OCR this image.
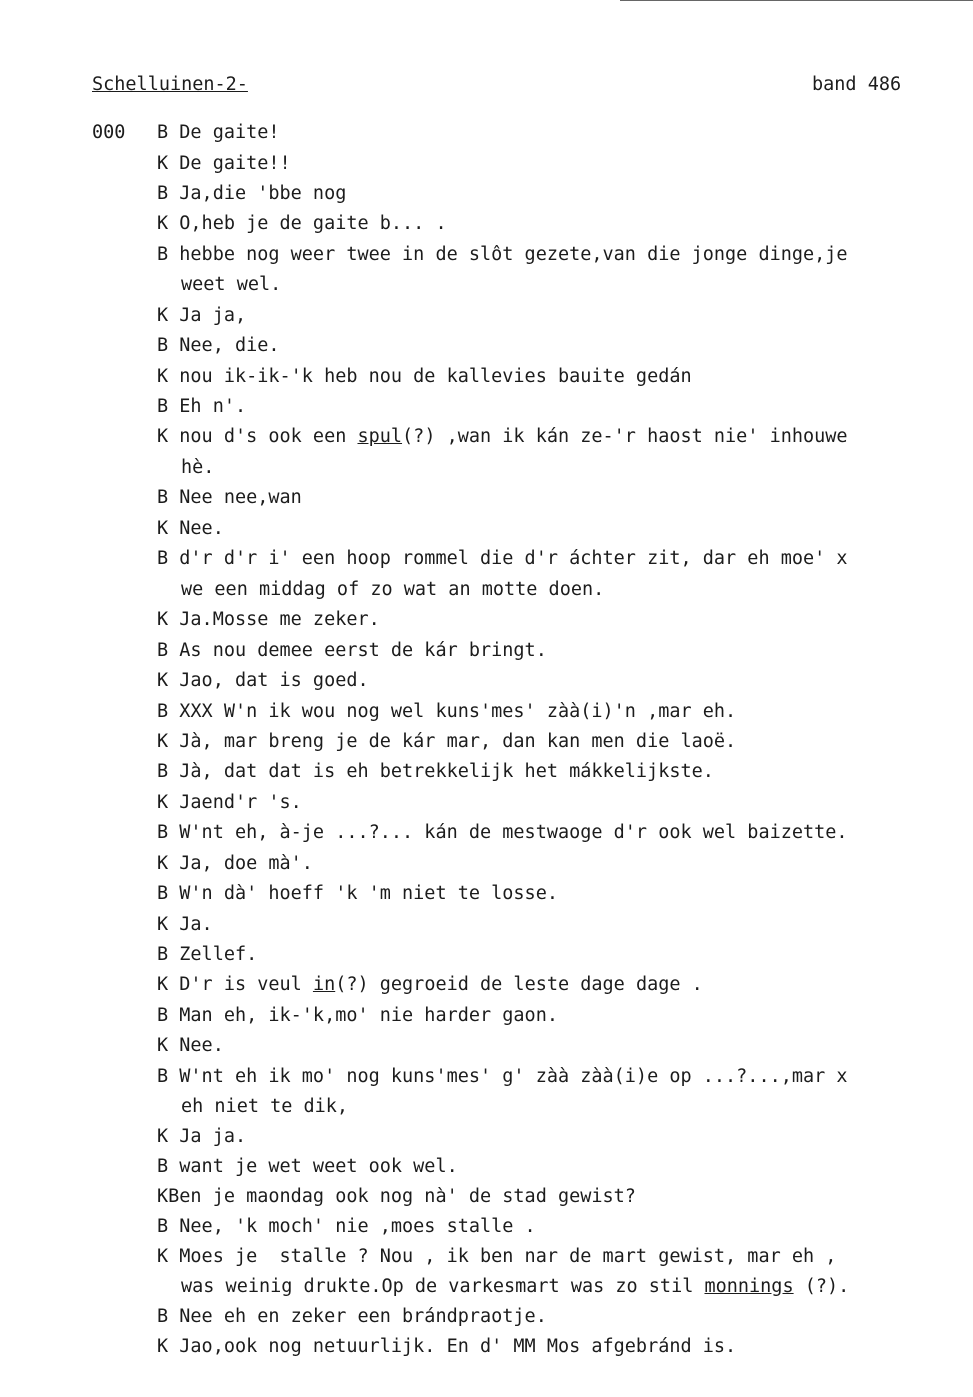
Schelluinen-2-	band 486
000 B De gaite!
K De gaite!!
B Ja,die 'bbe nog
K O,heb je de gaite b... .
B hebbe nog weer twee in de slôt gezete,van die jonge dinge,je
weet wel.
K Ja ja,
B Nee, die.
K nou ik-ik-'k heb nou de kallevies bauite gedán
B Eh n'.
K nou d's ook een spul(?) ,wan ik kán ze-'r haost nie' inhouwe
hè.
B Nee nee,wan
K Nee.
B d'r d'r i' een hoop rommel die d'r áchter zit, dar eh moe' x
we een middag of zo wat an motte doen.
K Ja.Mosse me zeker.
B As nou demee eerst de kár bringt.
K Jao, dat is goed.
B XXX W'n ik wou nog wel kuns'mes' zàà(i)'n ,mar eh.
K Jà, mar breng je de kár mar, dan kan men die laoë.
B Jà, dat dat is eh betrekkelijk het mákkelijkste.
K Jaend'r 's.
B W'nt eh, à-je ...?... kán de mestwaoge d'r ook wel baizette.
K Ja, doe mà'.
B W'n dà' hoeff 'k 'm niet te losse.
K Ja.
B Zellef.
K D'r is veul in(?) gegroeid de leste dage dage .
B Man eh, ik-'k,mo' nie harder gaon.
K Nee.
B W'nt eh ik mo' nog kuns'mes' g' zàà zàà(i)e op ...?...,mar x
eh niet te dik,
K Ja ja.
B want je wet weet ook wel.
KBen je maondag ook nog nà' de stad gewist?
B Nee, 'k moch' nie ,moes stalle .
K Moes je  stalle ? Nou , ik ben nar de mart gewist, mar eh ,
was weinig drukte.Op de varkesmart was zo stil monnings (?).
B Nee eh en zeker een brándpraotje.
K Jao,ook nog netuurlijk. En d' MM Mos afgebránd is.
